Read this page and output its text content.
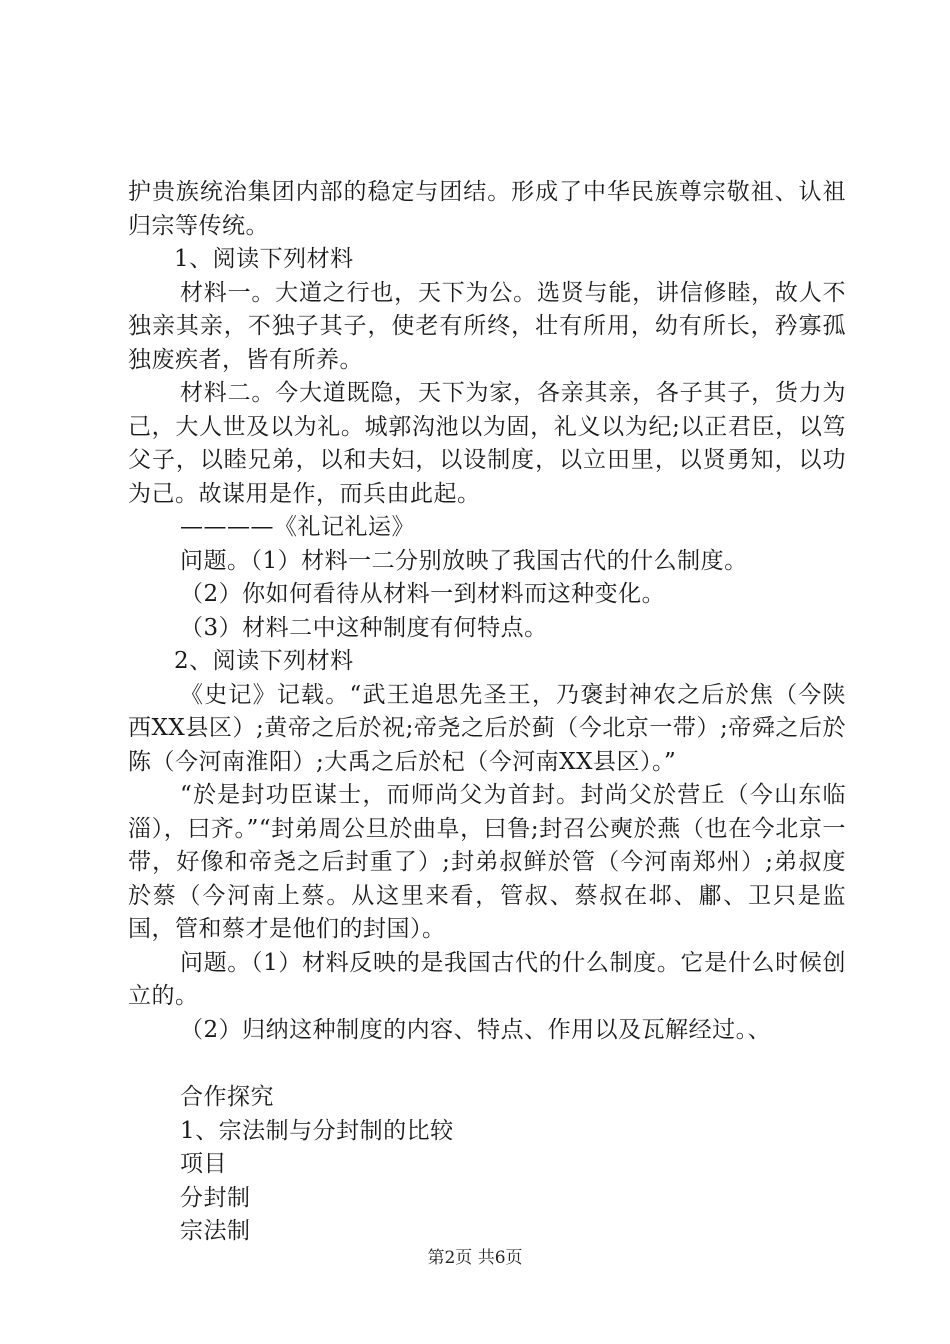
护贵族统治集团内部的稳定与团结。形成了中华民族尊宗敬祖、认祖归宗等传统。

1、阅读下列材料

材料一。大道之行也，天下为公。选贤与能，讲信修睦，故人不独亲其亲，不独子其子，使老有所终，壮有所用，幼有所长，矜寡孤独废疾者，皆有所养。

材料二。今大道既隐，天下为家，各亲其亲，各子其子，货力为己，大人世及以为礼。城郭沟池以为固，礼义以为纪;以正君臣，以笃父子，以睦兄弟，以和夫妇，以设制度，以立田里，以贤勇知，以功为己。故谋用是作，而兵由此起。

————《礼记礼运》

问题。（1）材料一二分别放映了我国古代的什么制度。

（2）你如何看待从材料一到材料而这种变化。

（3）材料二中这种制度有何特点。

2、阅读下列材料

《史记》记载。“武王追思先圣王，乃褒封神农之后於焦（今陕西XX县区）;黄帝之后於祝;帝尧之后於蓟（今北京一带）;帝舜之后於陈（今河南淮阳）;大禹之后於杞（今河南XX县区）。”

“於是封功臣谋士，而师尚父为首封。封尚父於营丘（今山东临淄），曰齐。”“封弟周公旦於曲阜，曰鲁;封召公奭於燕（也在今北京一带，好像和帝尧之后封重了）;封弟叔鲜於管（今河南郑州）;弟叔度於蔡（今河南上蔡。从这里来看，管叔、蔡叔在邶、鄘、卫只是监国，管和蔡才是他们的封国）。

问题。（1）材料反映的是我国古代的什么制度。它是什么时候创立的。

（2）归纳这种制度的内容、特点、作用以及瓦解经过。、

合作探究

1、宗法制与分封制的比较

项目

分封制

宗法制

第2页 共6页
